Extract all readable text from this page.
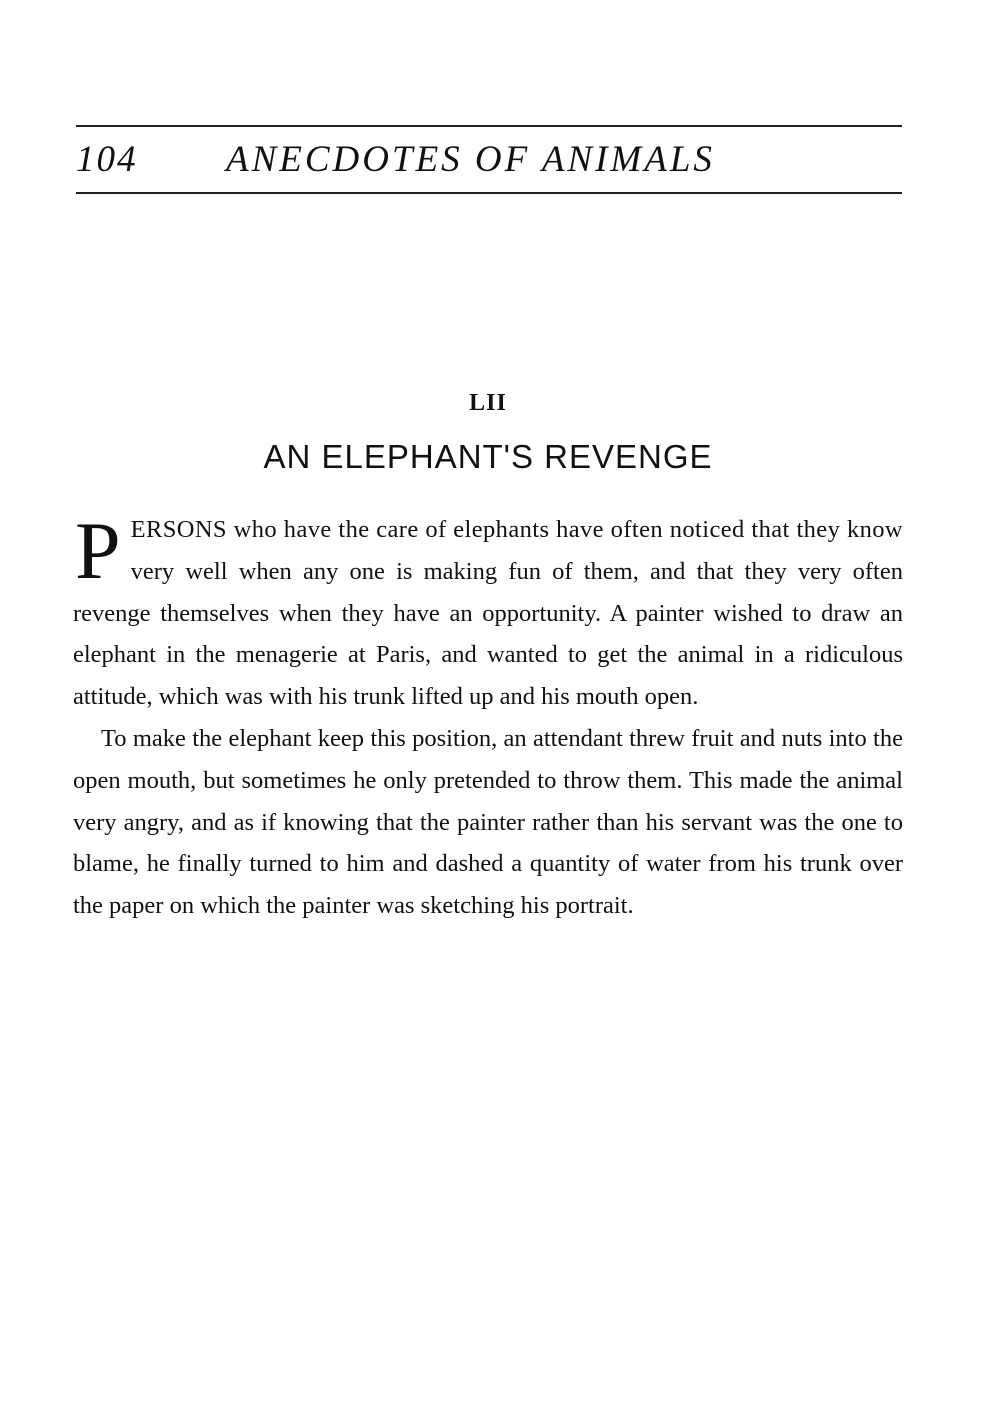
104 ANECDOTES OF ANIMALS
LII
AN ELEPHANT'S REVENGE

PERSONS who have the care of elephants have often noticed that they know very well when any one is making fun of them, and that they very often revenge themselves when they have an opportunity. A painter wished to draw an elephant in the menagerie at Paris, and wanted to get the animal in a ridiculous attitude, which was with his trunk lifted up and his mouth open.

To make the elephant keep this position, an attendant threw fruit and nuts into the open mouth, but sometimes he only pretended to throw them. This made the animal very angry, and as if knowing that the painter rather than his servant was the one to blame, he finally turned to him and dashed a quantity of water from his trunk over the paper on which the painter was sketching his portrait.
